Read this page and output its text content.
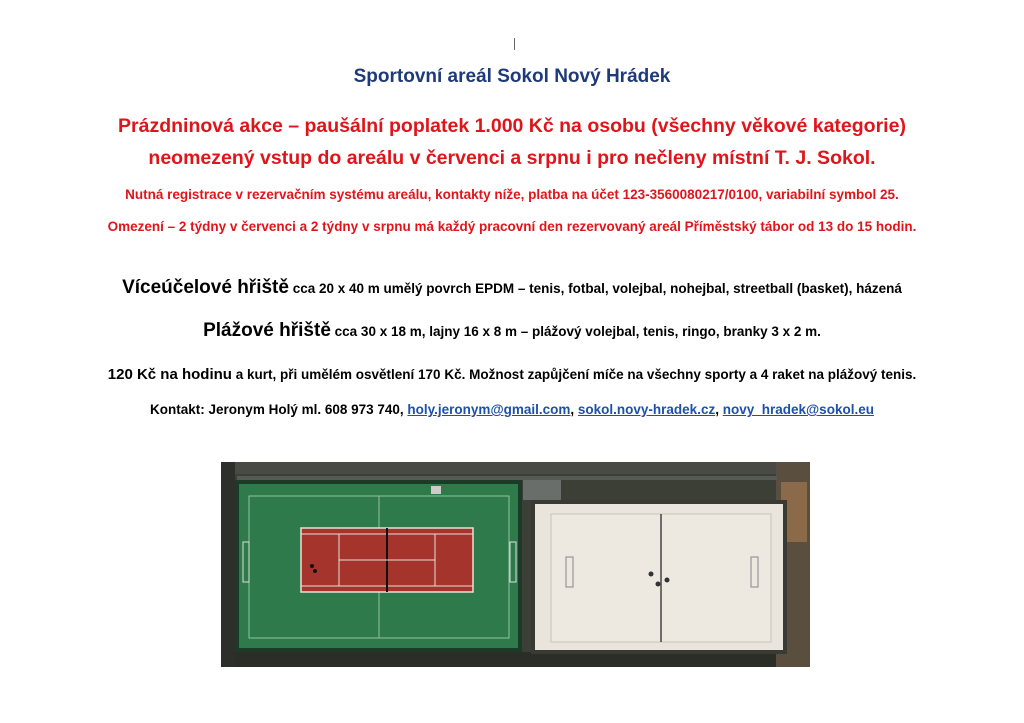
Sportovní areál Sokol Nový Hrádek
Prázdninová akce – paušální poplatek 1.000 Kč na osobu (všechny věkové kategorie)
neomezený vstup do areálu v červenci a srpnu i pro nečleny místní T. J. Sokol.
Nutná registrace v rezervačním systému areálu, kontakty níže, platba na účet 123-3560080217/0100, variabilní symbol 25.
Omezení – 2 týdny v červenci a 2 týdny v srpnu má každý pracovní den rezervovaný areál Příměstský tábor od 13 do 15 hodin.
Víceúčelové hřiště cca 20 x 40 m umělý povrch EPDM – tenis, fotbal, volejbal, nohejbal, streetball (basket), házená
Plážové hřiště cca 30 x 18 m, lajny 16 x 8 m – plážový volejbal, tenis, ringo, branky 3 x 2 m.
120 Kč na hodinu a kurt, při umělém osvětlení 170 Kč. Možnost zapůjčení míče na všechny sporty a 4 raket na plážový tenis.
Kontakt: Jeronym Holý ml. 608 973 740, holy.jeronym@gmail.com, sokol.novy-hradek.cz, novy_hradek@sokol.eu
